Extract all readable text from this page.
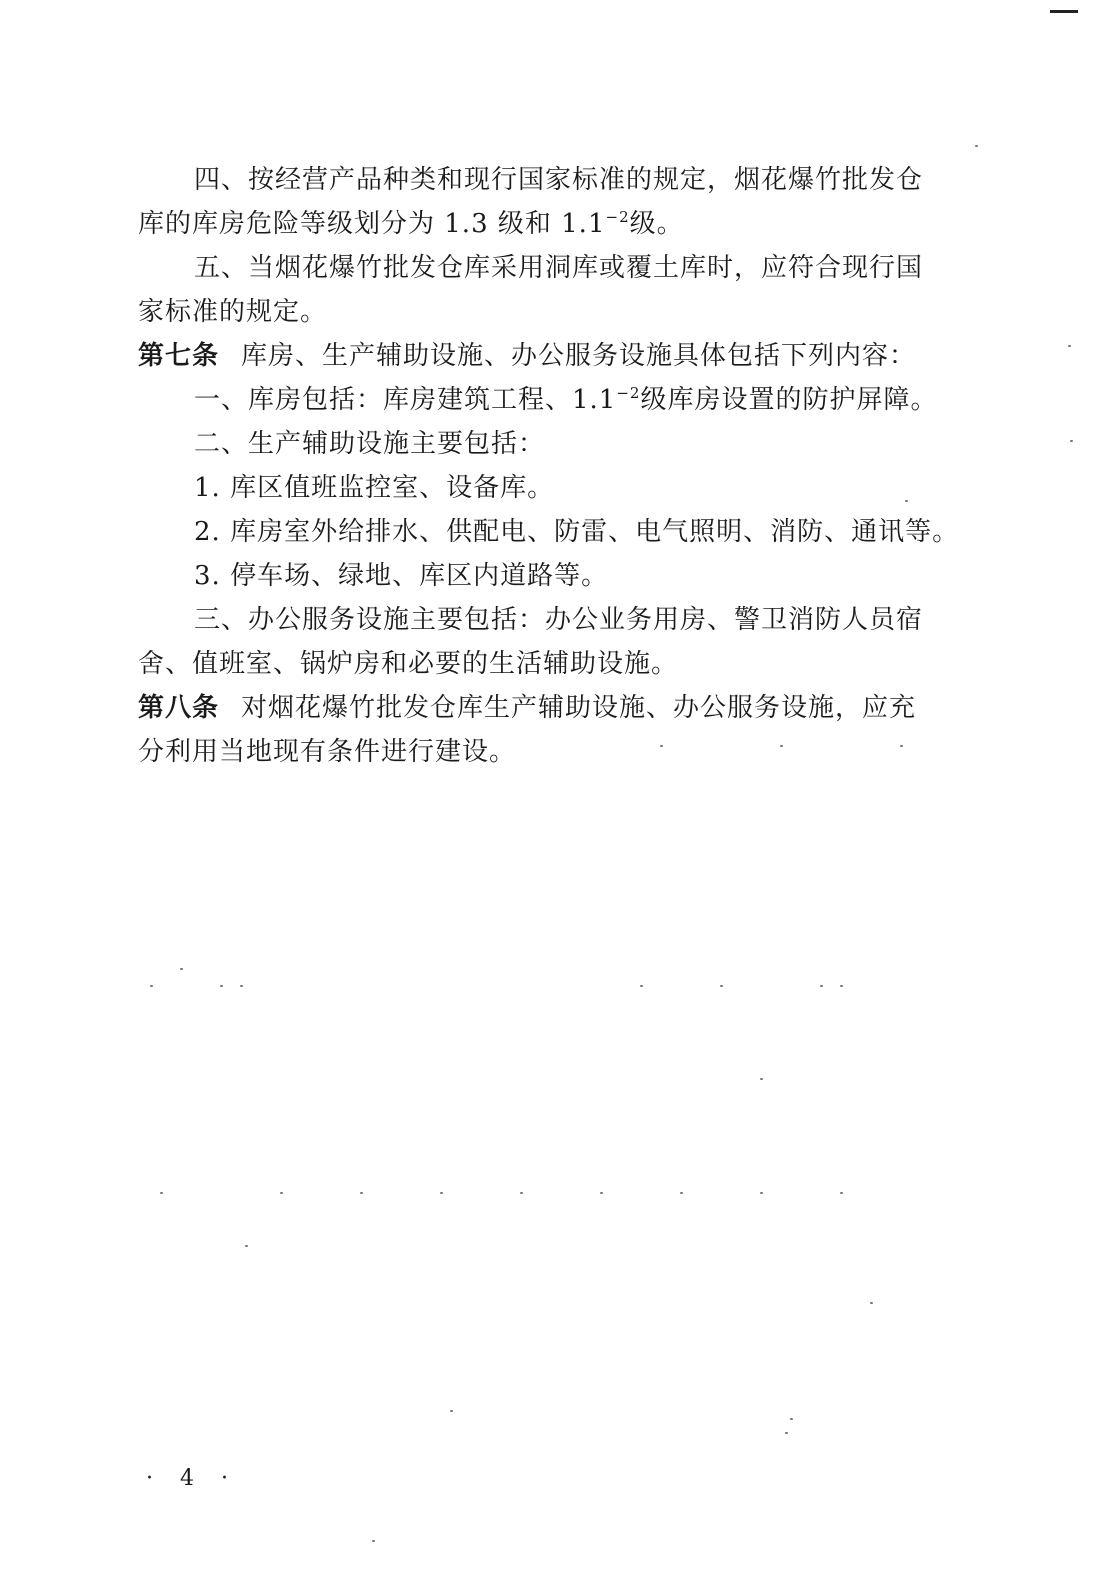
四、按经营产品种类和现行国家标准的规定，烟花爆竹批发仓
库的库房危险等级划分为 1.3 级和 $1.1^{-2}$级。
五、当烟花爆竹批发仓库采用洞库或覆土库时，应符合现行国
家标准的规定。
第七条 库房、生产辅助设施、办公服务设施具体包括下列内容：
一、库房包括：库房建筑工程、$1.1^{-2}$级库房设置的防护屏障。
二、生产辅助设施主要包括：
1. 库区值班监控室、设备库。
2. 库房室外给排水、供配电、防雷、电气照明、消防、通讯等。
3. 停车场、绿地、库区内道路等。
三、办公服务设施主要包括：办公业务用房、警卫消防人员宿
舍、值班室、锅炉房和必要的生活辅助设施。
第八条 对烟花爆竹批发仓库生产辅助设施、办公服务设施，应充
分利用当地现有条件进行建设。
· 4 ·
